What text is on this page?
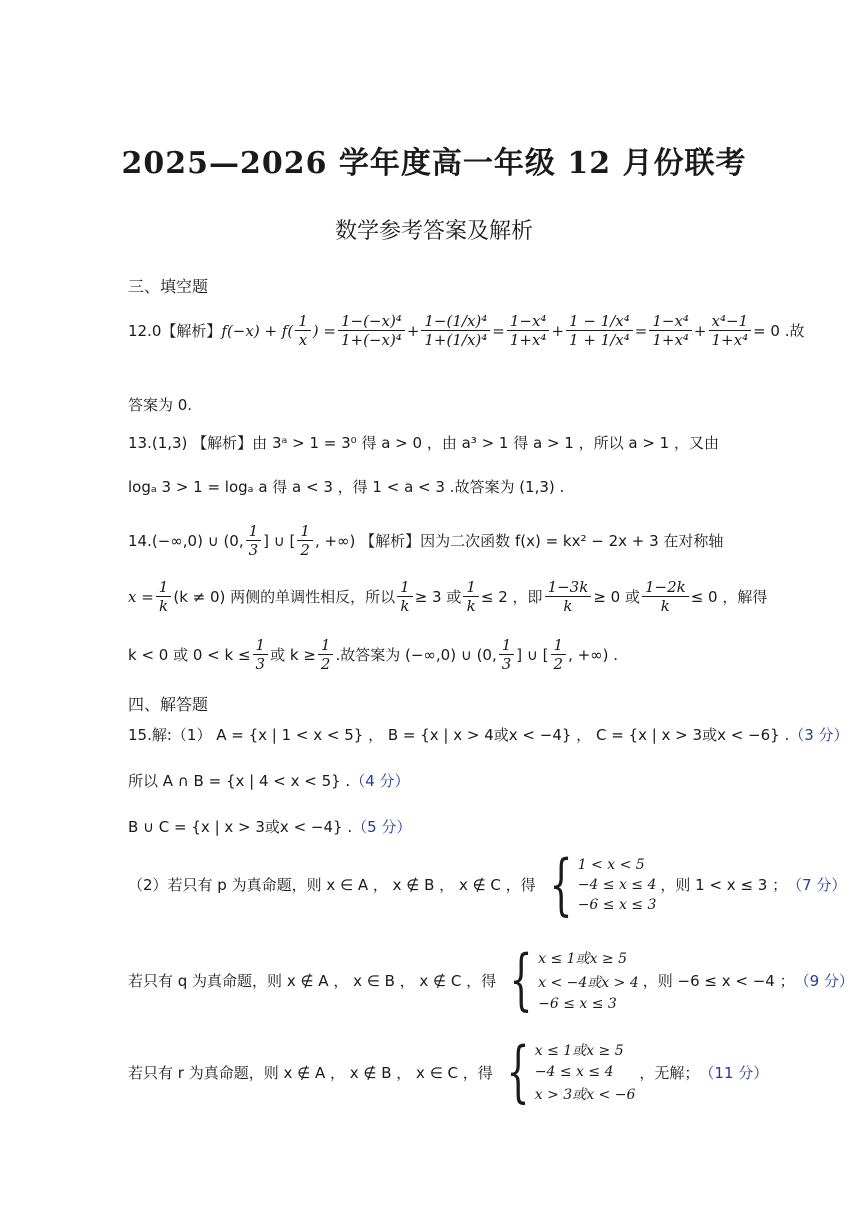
2025—2026 学年度高一年级 12 月份联考
数学参考答案及解析
三、填空题
12.0【解析】 $f(-x) + f( \frac{1}{x}$ ) = $\frac{\text{1−(−x)⁴}}{\text{1+(−x)⁴}} + \frac{\text{1−(1/x)⁴}}{\text{1+(1/x)⁴}} = \frac{\text{1−x⁴}}{\text{1+x⁴}} + \frac{\text{1 − 1/x⁴}}{\text{1 + 1/x⁴}} = \frac{\text{1−x⁴}}{\text{1+x⁴}} + \frac{\text{x⁴−1}}{\text{1+x⁴}} = 0$ .故
答案为 0.
13.(1,3) 【解析】由 3ᵃ > 1 = 3⁰ 得 a > 0 ，由 a³ > 1 得 a > 1 ，所以 a > 1 ，又由
logₐ 3 > 1 = logₐ a 得 a < 3 ，得 1 < a < 3 .故答案为 (1,3) .
14.(−∞,0) ∪ (0, $\frac{1}{3}$ ] ∪ [ $\frac{1}{2}$ , +∞) 【解析】因为二次函数 f(x) = kx² − 2x + 3 在对称轴
$x = \frac{1}{k} (k \ne 0)$ 两侧的单调性相反，所以 $\frac{1}{k} \ge 3$ 或 $\frac{1}{k} \le 2$ ，即 $\frac{1-3k}{k} \ge 0$ 或 $\frac{1-2k}{k} \le 0$ ，解得
k < 0 或 $0 < k \le \frac{1}{3}$ 或 $k \ge \frac{1}{2}$ .故答案为 (−∞,0) ∪ (0, $\frac{1}{3}$ ] ∪ [ $\frac{1}{2}$ , +∞) .
四、解答题
15.解:（1） A = {x | 1 < x < 5} ， B = {x | x > 4或x < −4} ， C = {x | x > 3或x < −6} .（3 分）
所以 A ∩ B = {x | 4 < x < 5} .（4 分）
B ∪ C = {x | x > 3或x < −4} .（5 分）
（2）若只有 p 为真命题，则 x ∈ A ， x ∉ B ， x ∉ C ，得 { 1 < x < 5
−4 ≤ x ≤ 4
−6 ≤ x ≤ 3
，则 1 < x ≤ 3 ； （7 分）
若只有 q 为真命题，则 x ∉ A ， x ∈ B ， x ∉ C ，得 { x ≤ 1或x ≥ 5
x < −4或x > 4
−6 ≤ x ≤ 3
，则 −6 ≤ x < −4 ； （9 分）
若只有 r 为真命题，则 x ∉ A ， x ∉ B ， x ∈ C ，得 { x ≤ 1或x ≥ 5
−4 ≤ x ≤ 4
x > 3或x < −6
，无解； （11 分）
